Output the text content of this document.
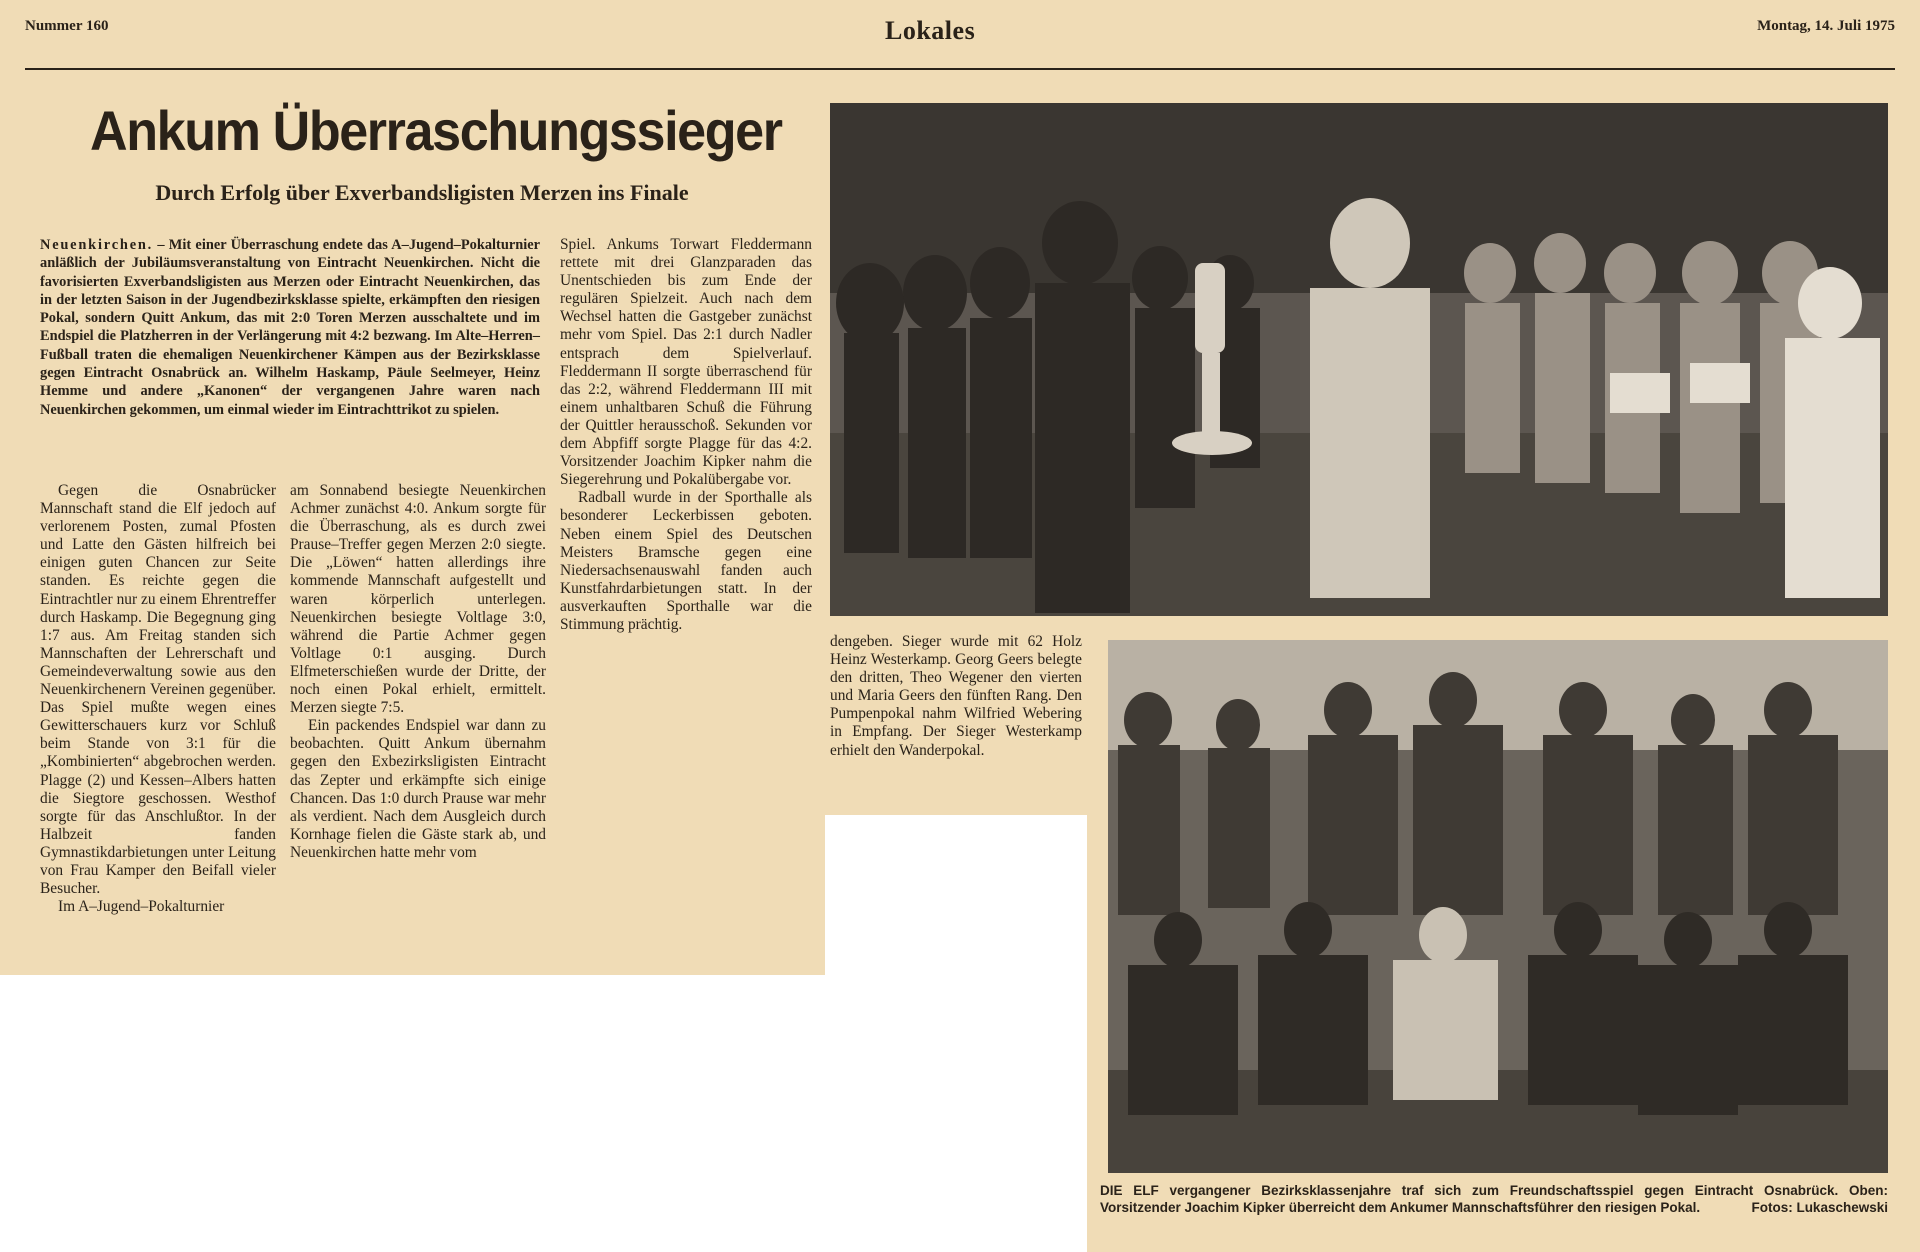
Nummer 160	Lokales	Montag, 14. Juli 1975
Ankum Überraschungssieger
Durch Erfolg über Exverbandsligisten Merzen ins Finale
Neuenkirchen. – Mit einer Überraschung endete das A–Jugend–Pokalturnier anläßlich der Jubiläumsveranstaltung von Eintracht Neuenkirchen. Nicht die favorisierten Exverbandsligisten aus Merzen oder Eintracht Neuenkirchen, das in der letzten Saison in der Jugendbezirksklasse spielte, erkämpften den riesigen Pokal, sondern Quitt Ankum, das mit 2:0 Toren Merzen ausschaltete und im Endspiel die Platzherren in der Verlängerung mit 4:2 bezwang. Im Alte–Herren–Fußball traten die ehemaligen Neuenkirchener Kämpen aus der Bezirksklasse gegen Eintracht Osnabrück an. Wilhelm Haskamp, Päule Seelmeyer, Heinz Hemme und andere „Kanonen“ der vergangenen Jahre waren nach Neuenkirchen gekommen, um einmal wieder im Eintrachttrikot zu spielen.

Gegen die Osnabrücker Mannschaft stand die Elf jedoch auf verlorenem Posten, zumal Pfosten und Latte den Gästen hilfreich bei einigen guten Chancen zur Seite standen. Es reichte gegen die Eintrachtler nur zu einem Ehrentreffer durch Haskamp. Die Begegnung ging 1:7 aus. Am Freitag standen sich Mannschaften der Lehrerschaft und Gemeindeverwaltung sowie aus den Neuenkirchenern Vereinen gegenüber. Das Spiel mußte wegen eines Gewitterschauers kurz vor Schluß beim Stande von 3:1 für die „Kombinierten“ abgebrochen werden. Plagge (2) und Kessen–Albers hatten die Siegtore geschossen. Westhof sorgte für das Anschlußtor. In der Halbzeit fanden Gymnastikdarbietungen unter Leitung von Frau Kamper den Beifall vieler Besucher.

Im A–Jugend–Pokalturnier

am Sonnabend besiegte Neuenkirchen Achmer zunächst 4:0. Ankum sorgte für die Überraschung, als es durch zwei Prause–Treffer gegen Merzen 2:0 siegte. Die „Löwen“ hatten allerdings ihre kommende Mannschaft aufgestellt und waren körperlich unterlegen. Neuenkirchen besiegte Voltlage 3:0, während die Partie Achmer gegen Voltlage 0:1 ausging. Durch Elfmeterschießen wurde der Dritte, der noch einen Pokal erhielt, ermittelt. Merzen siegte 7:5.

Ein packendes Endspiel war dann zu beobachten. Quitt Ankum übernahm gegen den Exbezirksligisten Eintracht das Zepter und erkämpfte sich einige Chancen. Das 1:0 durch Prause war mehr als verdient. Nach dem Ausgleich durch Kornhage fielen die Gäste stark ab, und Neuenkirchen hatte mehr vom

Spiel. Ankums Torwart Fleddermann rettete mit drei Glanzparaden das Unentschieden bis zum Ende der regulären Spielzeit. Auch nach dem Wechsel hatten die Gastgeber zunächst mehr vom Spiel. Das 2:1 durch Nadler entsprach dem Spielverlauf. Fleddermann II sorgte überraschend für das 2:2, während Fleddermann III mit einem unhaltbaren Schuß die Führung der Quittler herausschoß. Sekunden vor dem Abpfiff sorgte Plagge für das 4:2. Vorsitzender Joachim Kipker nahm die Siegerehrung und Pokalübergabe vor.

Radball wurde in der Sporthalle als besonderer Leckerbissen geboten. Neben einem Spiel des Deutschen Meisters Bramsche gegen eine Niedersachsenauswahl fanden auch Kunstfahrdarbietungen statt. In der ausverkauften Sporthalle war die Stimmung prächtig.

dengeben. Sieger wurde mit 62 Holz Heinz Westerkamp. Georg Geers belegte den dritten, Theo Wegener den vierten und Maria Geers den fünften Rang. Den Pumpenpokal nahm Wilfried Webering in Empfang. Der Sieger Westerkamp erhielt den Wanderpokal.

DIE ELF vergangener Bezirksklassenjahre traf sich zum Freundschaftsspiel gegen Eintracht Osnabrück. Oben: Vorsitzender Joachim Kipker überreicht dem Ankumer Mannschaftsführer den riesigen Pokal.	Fotos: Lukaschewski
